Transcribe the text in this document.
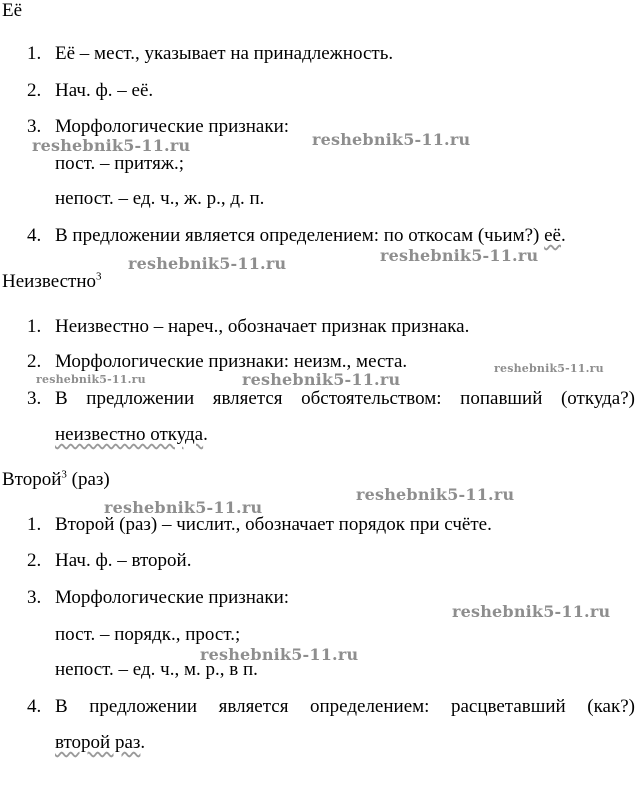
Её
1. Её – мест., указывает на принадлежность.
2. Нач. ф. – её.
3. Морфологические признаки:
пост. – притяж.;
непост. – ед. ч., ж. р., д. п.
4. В предложении является определением: по откосам (чьим?) её.
Неизвестно$^3$
1. Неизвестно – нареч., обозначает признак признака.
2. Морфологические признаки: неизм., места.
3. В предложении является обстоятельством: попавший (откуда?)
неизвестно откуда.
Второй$^3$ (раз)
1. Второй (раз) – числит., обозначает порядок при счёте.
2. Нач. ф. – второй.
3. Морфологические признаки:
пост. – порядк., прост.;
непост. – ед. ч., м. р., в п.
4. В предложении является определением: расцветавший (как?)
второй раз.
reshebnik5-11.ru	reshebnik5-11.ru
reshebnik5-11.ru	reshebnik5-11.ru
reshebnik5-11.ru
reshebnik5-11.ru	reshebnik5-11.ru
reshebnik5-11.ru
reshebnik5-11.ru
reshebnik5-11.ru
reshebnik5-11.ru
